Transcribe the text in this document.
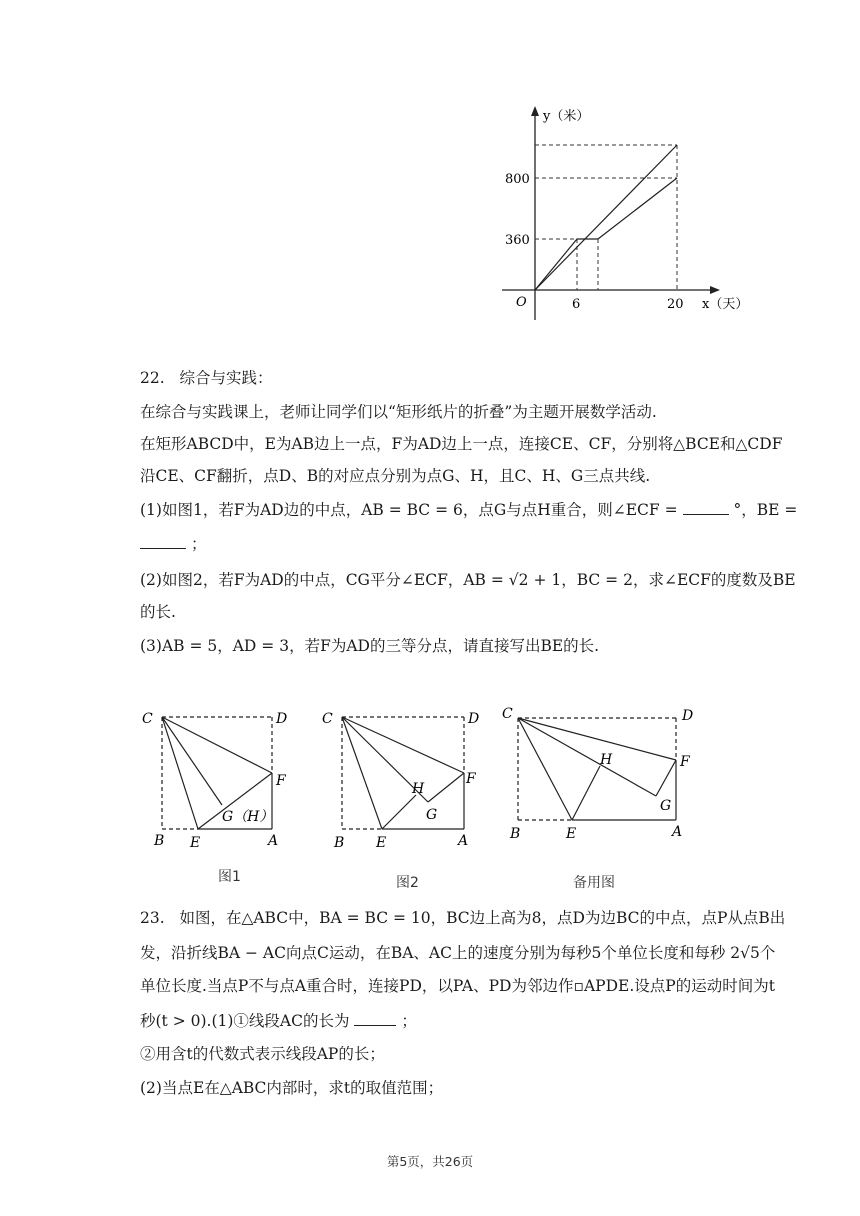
y（米）
x（天）
O
800
360
6	20
22. 综合与实践：
在综合与实践课上，老师让同学们以“矩形纸片的折叠”为主题开展数学活动.
在矩形ABCD中，E为AB边上一点，F为AD边上一点，连接CE、CF，分别将△BCE和△CDF
沿CE、CF翻折，点D、B的对应点分别为点G、H，且C、H、G三点共线.
(1)如图1，若F为AD边的中点，AB = BC = 6，点G与点H重合，则∠ECF =	°，BE =
；
(2)如图2，若F为AD的中点，CG平分∠ECF，AB = √2 + 1，BC = 2，求∠ECF的度数及BE
的长.
(3)AB = 5，AD = 3，若F为AD的三等分点，请直接写出BE的长.
C	D
F
G（H）
B E	A
图1
C	D
F
H
G
B E	A
图2
C	D
F
H
G
B	E	A
备用图
23. 如图，在△ABC中，BA = BC = 10，BC边上高为8，点D为边BC的中点，点P从点B出
发，沿折线BA − AC向点C运动，在BA、AC上的速度分别为每秒5个单位长度和每秒 2√5个
单位长度.当点P不与点A重合时，连接PD，以PA、PD为邻边作▫APDE.设点P的运动时间为t
秒(t > 0).(1)①线段AC的长为	；
②用含t的代数式表示线段AP的长；
(2)当点E在△ABC内部时，求t的取值范围；
第5页，共26页
